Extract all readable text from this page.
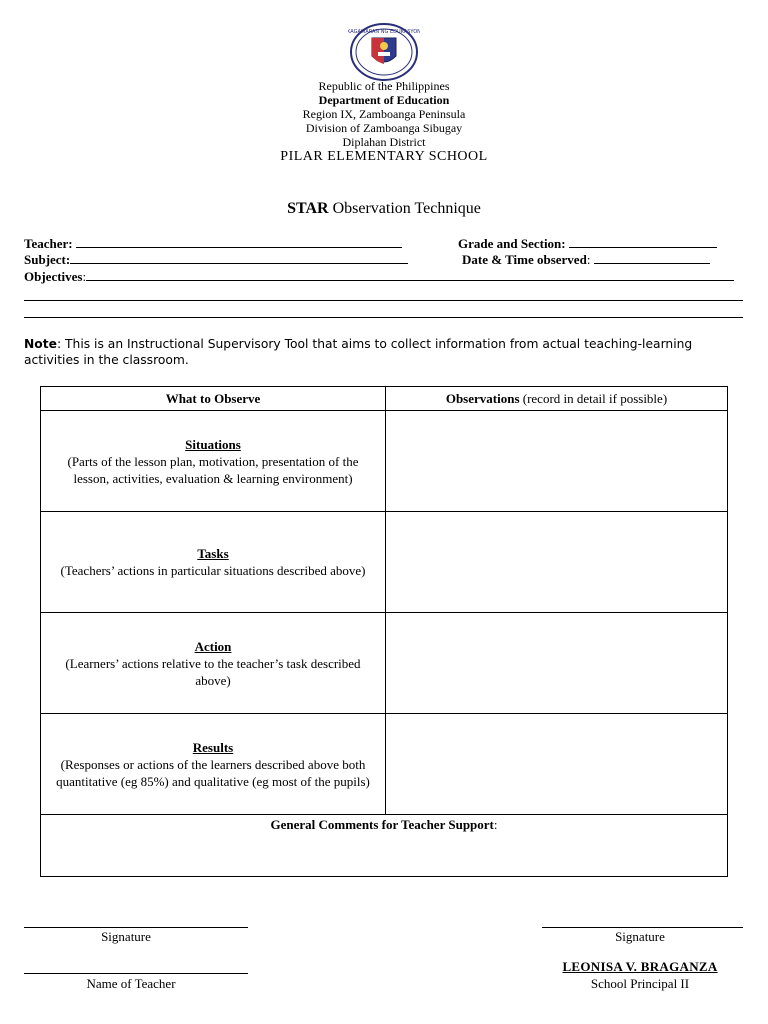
KAGAWARAN NG EDUKASYON
Republic of the Philippines
Department of Education
Region IX, Zamboanga Peninsula
Division of Zamboanga Sibugay
Diplahan District
PILAR ELEMENTARY SCHOOL
STAR Observation Technique
Teacher:	Grade and Section:
Subject:	Date & Time observed:
Objectives:
Note: This is an Instructional Supervisory Tool that aims to collect information from actual teaching-learning activities in the classroom.
What to Observe	Observations (record in detail if possible)

Situations
(Parts of the lesson plan, motivation, presentation of the lesson, activities, evaluation & learning environment)	

Tasks
(Teachers’ actions in particular situations described above)	

Action
(Learners’ actions relative to the teacher’s task described above)	

Results
(Responses or actions of the learners described above both quantitative (eg 85%) and qualitative (eg most of the pupils)	

General Comments for Teacher Support:	
Signature
Name of Teacher
Signature
LEONISA V. BRAGANZA
School Principal II
